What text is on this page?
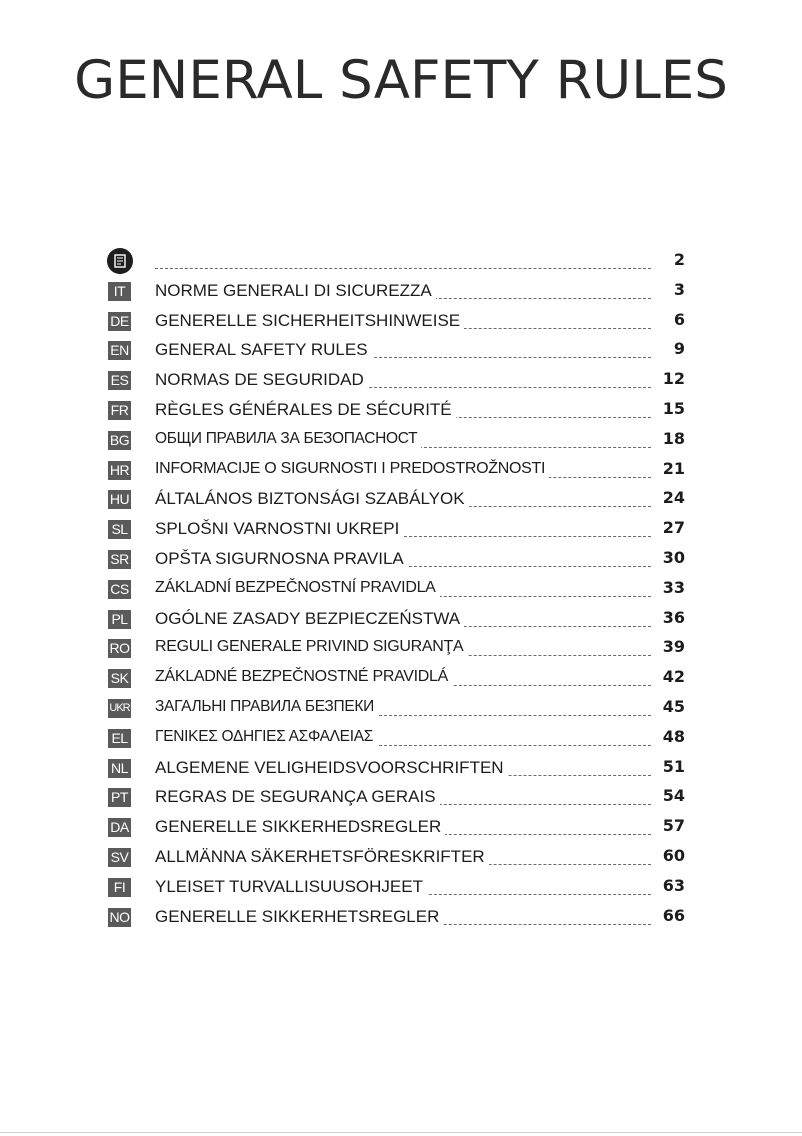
GENERAL SAFETY RULES
2
IT	NORME GENERALI DI SICUREZZA	3
DE GENERELLE SICHERHEITSHINWEISE	6
EN GENERAL SAFETY RULES	9
ES NORMAS DE SEGURIDAD	12
FR RÈGLES GÉNÉRALES DE SÉCURITÉ	15
BG ОБЩИ ПРАВИЛА ЗА БЕЗОПАСНОСТ	18
HR INFORMACIJE O SIGURNOSTI I PREDOSTROŽNOSTI	21
HU ÁLTALÁNOS BIZTONSÁGI SZABÁLYOK	24
SL SPLOŠNI VARNOSTNI UKREPI	27
SR OPŠTA SIGURNOSNA PRAVILA	30
CS ZÁKLADNÍ BEZPEČNOSTNÍ PRAVIDLA	33
PL OGÓLNE ZASADY BEZPIECZEŃSTWA	36
RO REGULI GENERALE PRIVIND SIGURANŢA	39
SK ZÁKLADNÉ BEZPEČNOSTNÉ PRAVIDLÁ	42
UKR ЗАГАЛЬНІ ПРАВИЛА БЕЗПЕКИ	45
EL ΓΕΝΙΚΕΣ ΟΔΗΓΙΕΣ ΑΣΦΑΛΕΙΑΣ	48
NL ALGEMENE VELIGHEIDSVOORSCHRIFTEN	51
PT REGRAS DE SEGURANÇA GERAIS	54
DA GENERELLE SIKKERHEDSREGLER	57
SV ALLMÄNNA SÄKERHETSFÖRESKRIFTER	60
FI	YLEISET TURVALLISUUSOHJEET	63
NO GENERELLE SIKKERHETSREGLER	66
